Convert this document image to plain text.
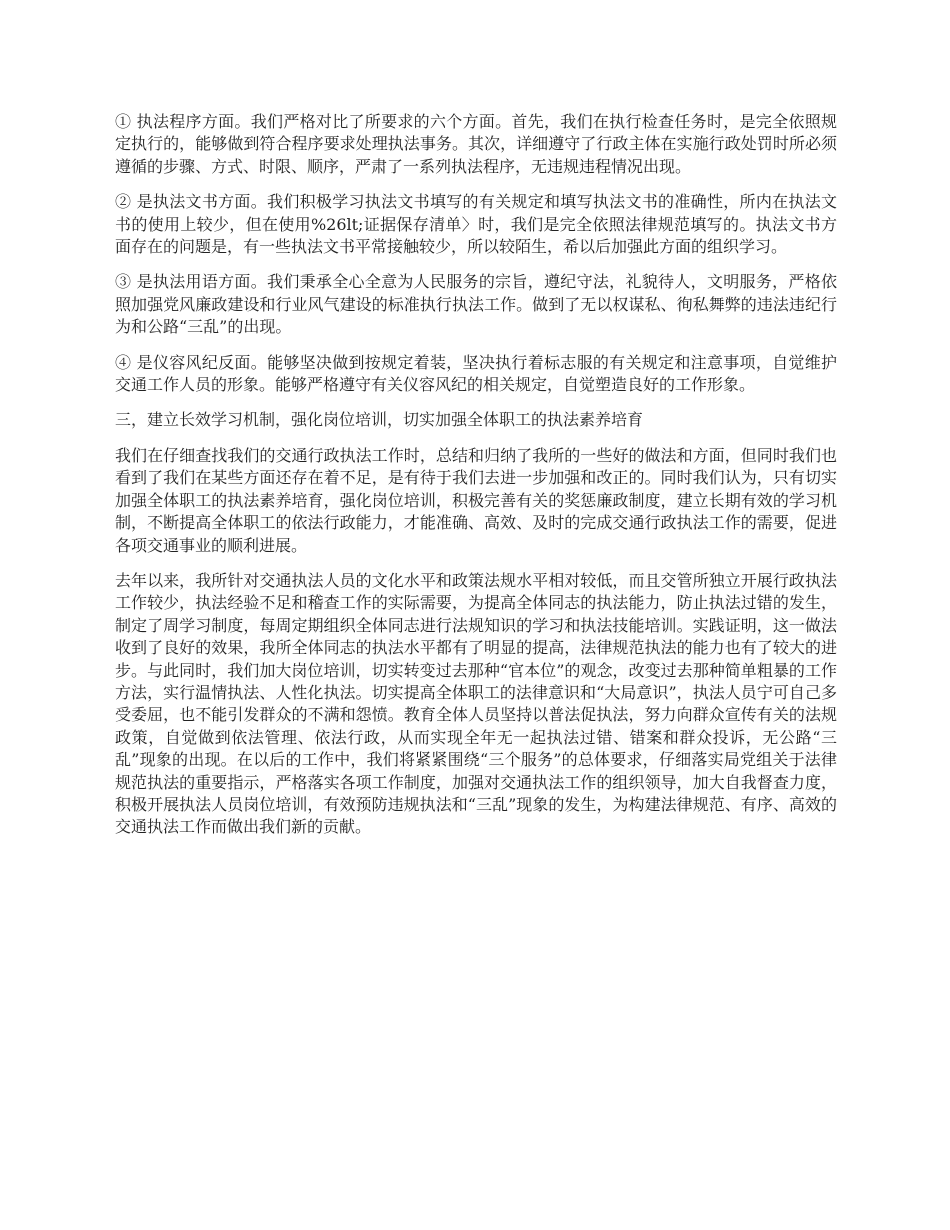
① 执法程序方面。我们严格对比了所要求的六个方面。首先，我们在执行检查任务时，是完全依照规定执行的，能够做到符合程序要求处理执法事务。其次，详细遵守了行政主体在实施行政处罚时所必须遵循的步骤、方式、时限、顺序，严肃了一系列执法程序，无违规违程情况出现。

② 是执法文书方面。我们积极学习执法文书填写的有关规定和填写执法文书的准确性，所内在执法文书的使用上较少，但在使用%26lt;证据保存清单〉时，我们是完全依照法律规范填写的。执法文书方面存在的问题是，有一些执法文书平常接触较少，所以较陌生，希以后加强此方面的组织学习。

③ 是执法用语方面。我们秉承全心全意为人民服务的宗旨，遵纪守法，礼貌待人，文明服务，严格依照加强党风廉政建设和行业风气建设的标准执行执法工作。做到了无以权谋私、徇私舞弊的违法违纪行为和公路“三乱”的出现。

④ 是仪容风纪反面。能够坚决做到按规定着装，坚决执行着标志服的有关规定和注意事项，自觉维护交通工作人员的形象。能够严格遵守有关仪容风纪的相关规定，自觉塑造良好的工作形象。

三，建立长效学习机制，强化岗位培训，切实加强全体职工的执法素养培育

我们在仔细查找我们的交通行政执法工作时，总结和归纳了我所的一些好的做法和方面，但同时我们也看到了我们在某些方面还存在着不足，是有待于我们去进一步加强和改正的。同时我们认为，只有切实加强全体职工的执法素养培育，强化岗位培训，积极完善有关的奖惩廉政制度，建立长期有效的学习机制，不断提高全体职工的依法行政能力，才能准确、高效、及时的完成交通行政执法工作的需要，促进各项交通事业的顺利进展。

去年以来，我所针对交通执法人员的文化水平和政策法规水平相对较低，而且交管所独立开展行政执法工作较少，执法经验不足和稽查工作的实际需要，为提高全体同志的执法能力，防止执法过错的发生，制定了周学习制度，每周定期组织全体同志进行法规知识的学习和执法技能培训。实践证明，这一做法收到了良好的效果，我所全体同志的执法水平都有了明显的提高，法律规范执法的能力也有了较大的进步。与此同时，我们加大岗位培训，切实转变过去那种“官本位”的观念，改变过去那种简单粗暴的工作方法，实行温情执法、人性化执法。切实提高全体职工的法律意识和“大局意识”，执法人员宁可自己多受委屈，也不能引发群众的不满和怨愤。教育全体人员坚持以普法促执法，努力向群众宣传有关的法规政策，自觉做到依法管理、依法行政，从而实现全年无一起执法过错、错案和群众投诉，无公路“三乱”现象的出现。在以后的工作中，我们将紧紧围绕“三个服务”的总体要求，仔细落实局党组关于法律规范执法的重要指示，严格落实各项工作制度，加强对交通执法工作的组织领导，加大自我督查力度，积极开展执法人员岗位培训，有效预防违规执法和“三乱”现象的发生，为构建法律规范、有序、高效的交通执法工作而做出我们新的贡献。
